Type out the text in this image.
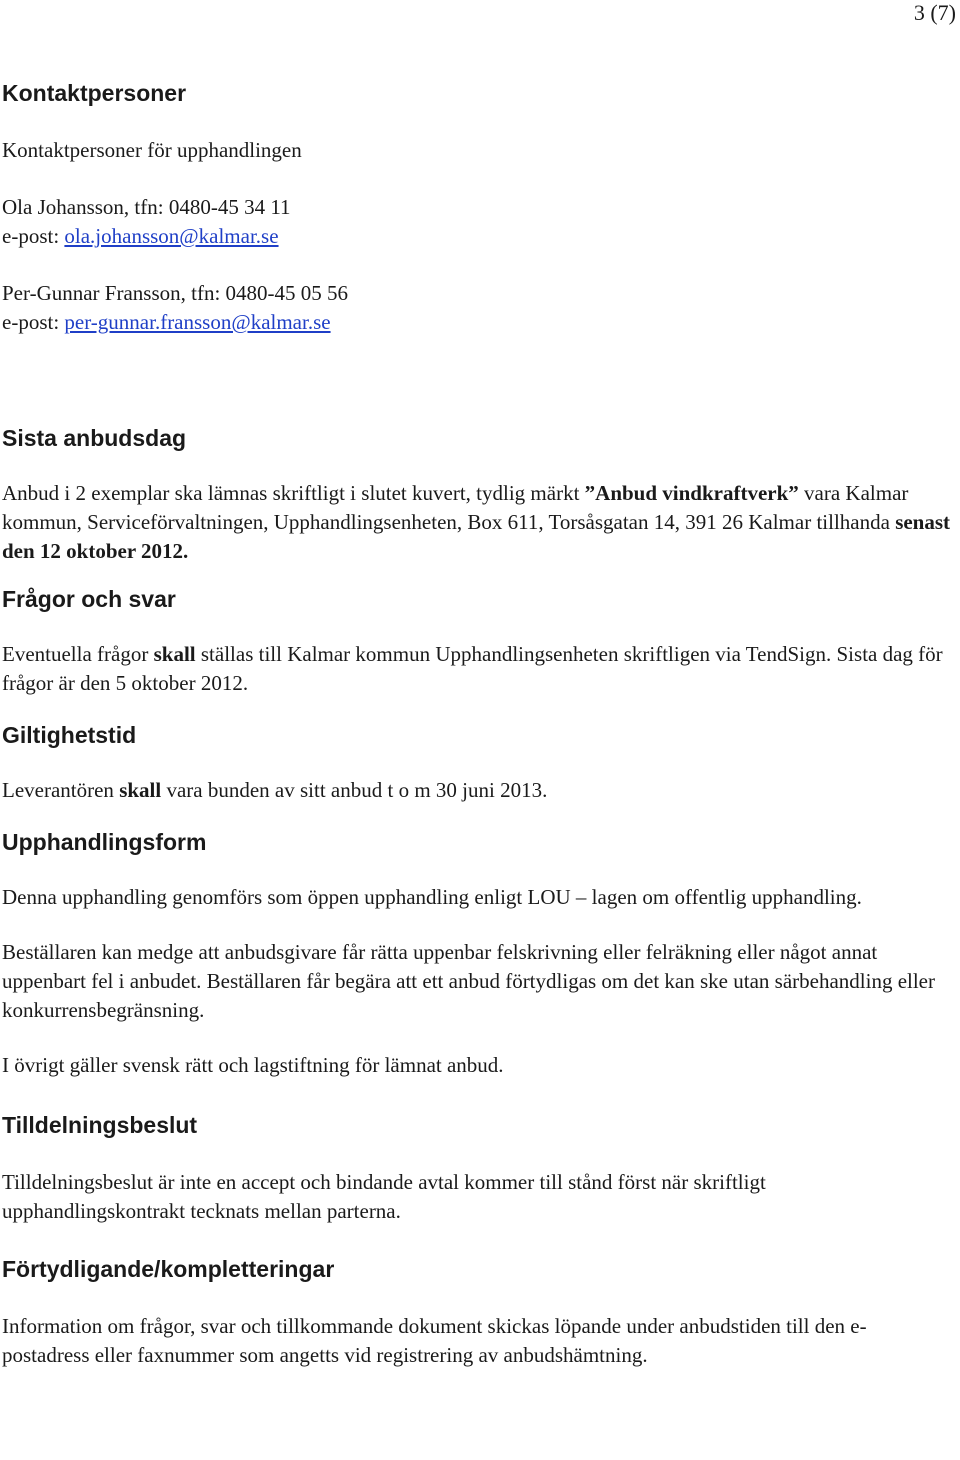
3 (7)
Kontaktpersoner

Kontaktpersoner för upphandlingen

Ola Johansson, tfn: 0480-45 34 11

e-post: ola.johansson@kalmar.se

Per-Gunnar Fransson, tfn: 0480-45 05 56

e-post: per-gunnar.fransson@kalmar.se

Sista anbudsdag

Anbud i 2 exemplar ska lämnas skriftligt i slutet kuvert, tydlig märkt ”Anbud vindkraftverk” vara Kalmar kommun, Serviceförvaltningen, Upphandlingsenheten, Box 611, Torsåsgatan 14, 391 26 Kalmar tillhanda senast den 12 oktober 2012.

Frågor och svar

Eventuella frågor skall ställas till Kalmar kommun Upphandlingsenheten skriftligen via TendSign. Sista dag för frågor är den 5 oktober 2012.

Giltighetstid

Leverantören skall vara bunden av sitt anbud t o m 30 juni 2013.

Upphandlingsform

Denna upphandling genomförs som öppen upphandling enligt LOU – lagen om offentlig upphandling.

Beställaren kan medge att anbudsgivare får rätta uppenbar felskrivning eller felräkning eller något annat uppenbart fel i anbudet. Beställaren får begära att ett anbud förtydligas om det kan ske utan särbehandling eller konkurrensbegränsning.

I övrigt gäller svensk rätt och lagstiftning för lämnat anbud.

Tilldelningsbeslut

Tilldelningsbeslut är inte en accept och bindande avtal kommer till stånd först när skriftligt upphandlingskontrakt tecknats mellan parterna.

Förtydligande/kompletteringar

Information om frågor, svar och tillkommande dokument skickas löpande under anbudstiden till den e-postadress eller faxnummer som angetts vid registrering av anbudshämtning.
